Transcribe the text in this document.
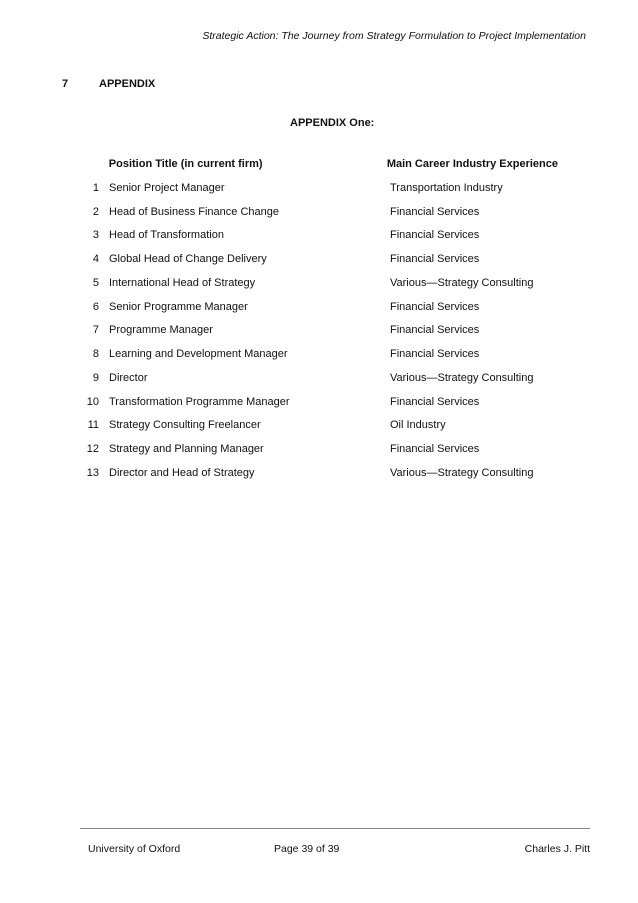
Strategic Action: The Journey from Strategy Formulation to Project Implementation
7	APPENDIX
APPENDIX One:
Position Title (in current firm)	Main Career Industry Experience
1 Senior Project Manager	Transportation Industry
2 Head of Business Finance Change	Financial Services
3 Head of Transformation	Financial Services
4 Global Head of Change Delivery	Financial Services
5 International Head of Strategy	Various—Strategy Consulting
6 Senior Programme Manager	Financial Services
7 Programme Manager	Financial Services
8 Learning and Development Manager	Financial Services
9 Director	Various—Strategy Consulting
10 Transformation Programme Manager	Financial Services
11 Strategy Consulting Freelancer	Oil Industry
12 Strategy and Planning Manager	Financial Services
13 Director and Head of Strategy	Various—Strategy Consulting
University of Oxford	Page 39 of 39	Charles J. Pitt
